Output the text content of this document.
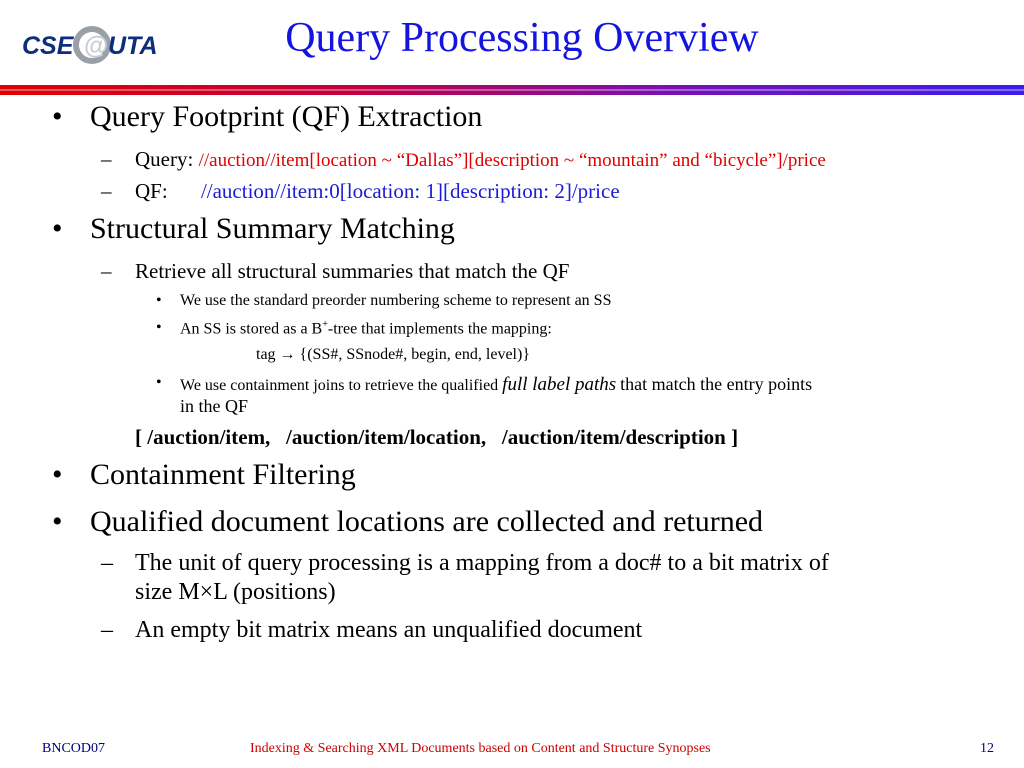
CSE @ UTA	Query Processing Overview
• Query Footprint (QF) Extraction
– Query: //auction//item[location ~ “Dallas”][description ~ “mountain” and “bicycle”]/price
– QF: //auction//item:0[location: 1][description: 2]/price
• Structural Summary Matching
– Retrieve all structural summaries that match the QF
• We use the standard preorder numbering scheme to represent an SS
• An SS is stored as a B+-tree that implements the mapping:
tag → {(SS#, SSnode#, begin, end, level)}
• We use containment joins to retrieve the qualified full label paths that match the entry points
in the QF
[ /auction/item,   /auction/item/location,   /auction/item/description ]
• Containment Filtering
• Qualified document locations are collected and returned
– The unit of query processing is a mapping from a doc# to a bit matrix of
size M×L (positions)
– An empty bit matrix means an unqualified document
BNCOD07	Indexing & Searching XML Documents based on Content and Structure Synopses	12
